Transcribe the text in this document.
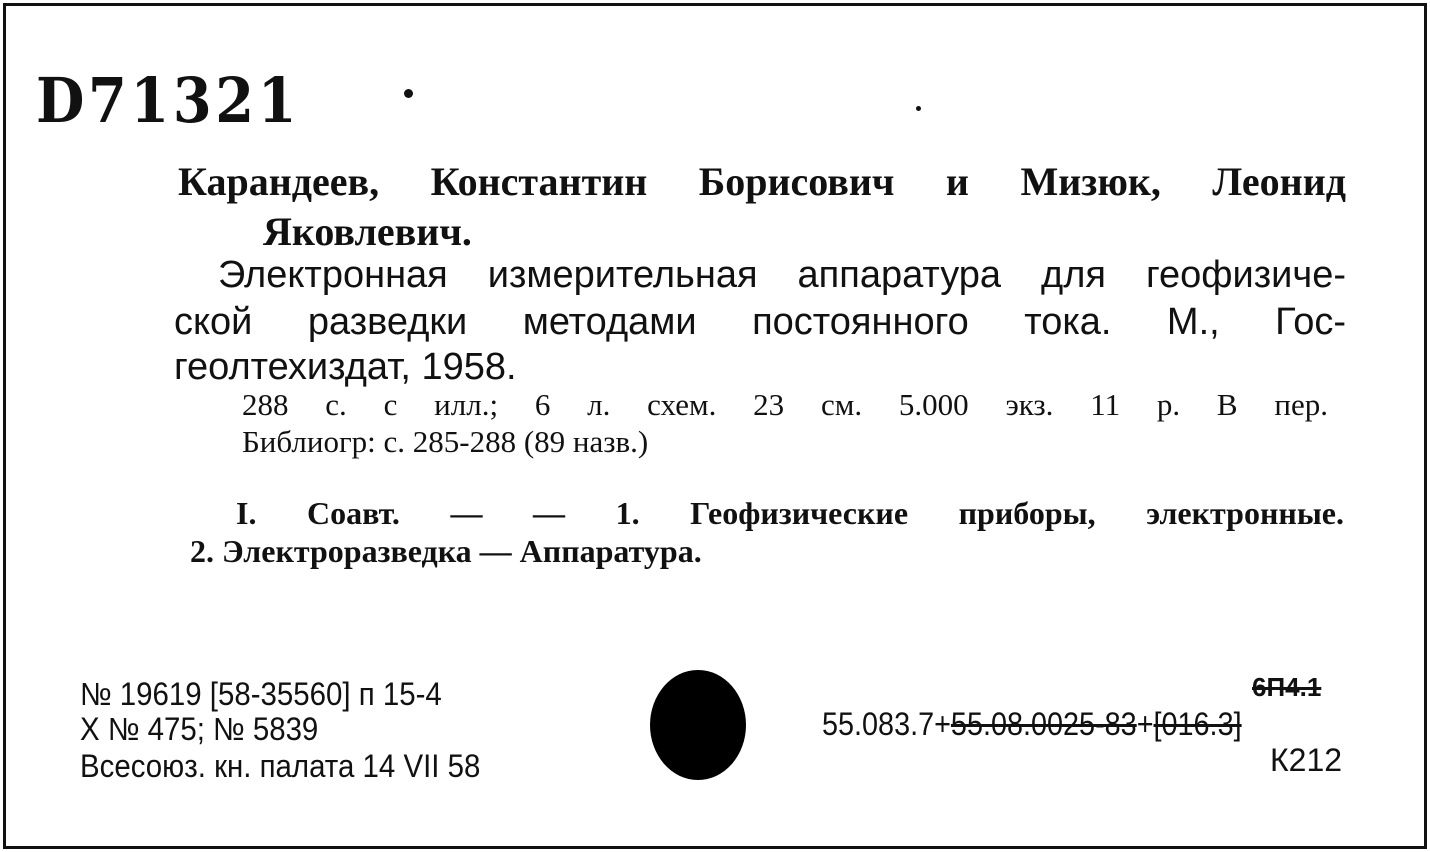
D71321
Карандеев, Константин Борисович и Мизюк, Леонид
Яковлевич.
Электронная измерительная аппаратура для геофизиче-
ской разведки методами постоянного тока. М., Гос-
геолтехиздат, 1958.
288 с. с илл.; 6 л. схем. 23 см. 5.000 экз. 11 р. В пер.
Библиогр: с. 285-288 (89 назв.)
I. Соавт. — — 1. Геофизические приборы, электронные.
2. Электроразведка — Аппаратура.
№ 19619 [58-35560] п 15-4
X № 475; № 5839
Всесоюз. кн. палата 14 VII 58
6П4.1
55.083.7+55.08.0025-83+[016.3]
К212
